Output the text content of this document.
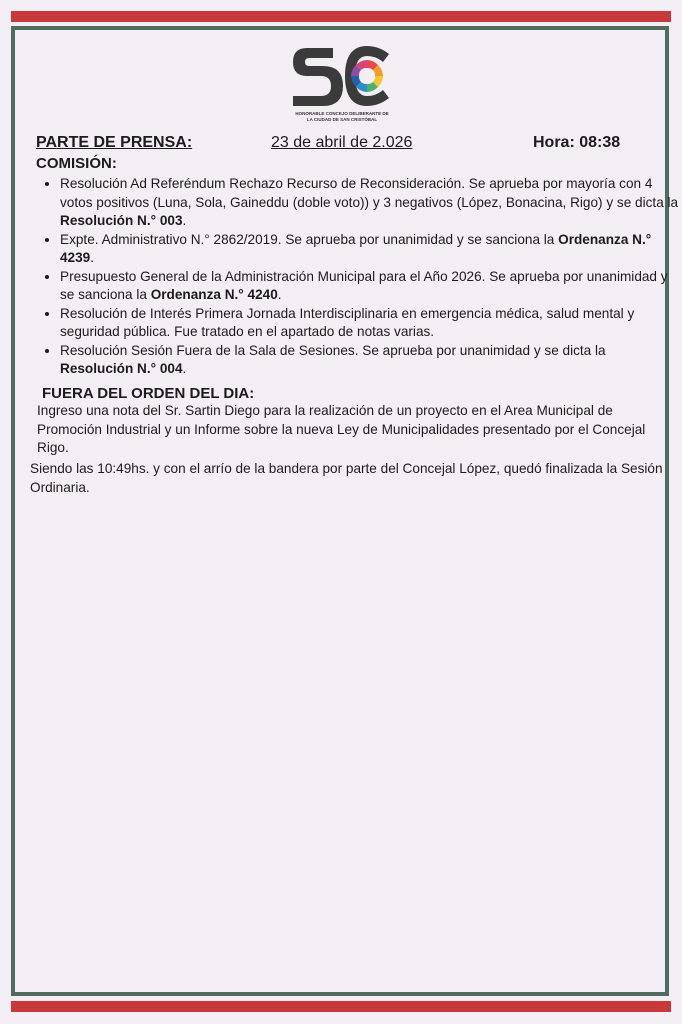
HONORABLE CONCEJO DELIBERANTE DE
LA CIUDAD DE SAN CRISTÓBAL
PARTE DE PRENSA:	23 de abril de 2.026	Hora: 08:38
COMISIÓN:
• Resolución Ad Referéndum Rechazo Recurso de Reconsideración. Se aprueba por mayoría con 4 votos positivos (Luna, Sola, Gaineddu (doble voto)) y 3 negativos (López, Bonacina, Rigo) y se dicta la Resolución N.° 003.
• Expte. Administrativo N.° 2862/2019. Se aprueba por unanimidad y se sanciona la Ordenanza N.° 4239.
• Presupuesto General de la Administración Municipal para el Año 2026. Se aprueba por unanimidad y se sanciona la Ordenanza N.° 4240.
• Resolución de Interés Primera Jornada Interdisciplinaria en emergencia médica, salud mental y seguridad pública. Fue tratado en el apartado de notas varias.
• Resolución Sesión Fuera de la Sala de Sesiones. Se aprueba por unanimidad y se dicta la Resolución N.° 004.
FUERA DEL ORDEN DEL DIA:
Ingreso una nota del Sr. Sartin Diego para la realización de un proyecto en el Area Municipal de Promoción Industrial y un Informe sobre la nueva Ley de Municipalidades presentado por el Concejal Rigo.
Siendo las 10:49hs. y con el arrío de la bandera por parte del Concejal López, quedó finalizada la Sesión Ordinaria.
